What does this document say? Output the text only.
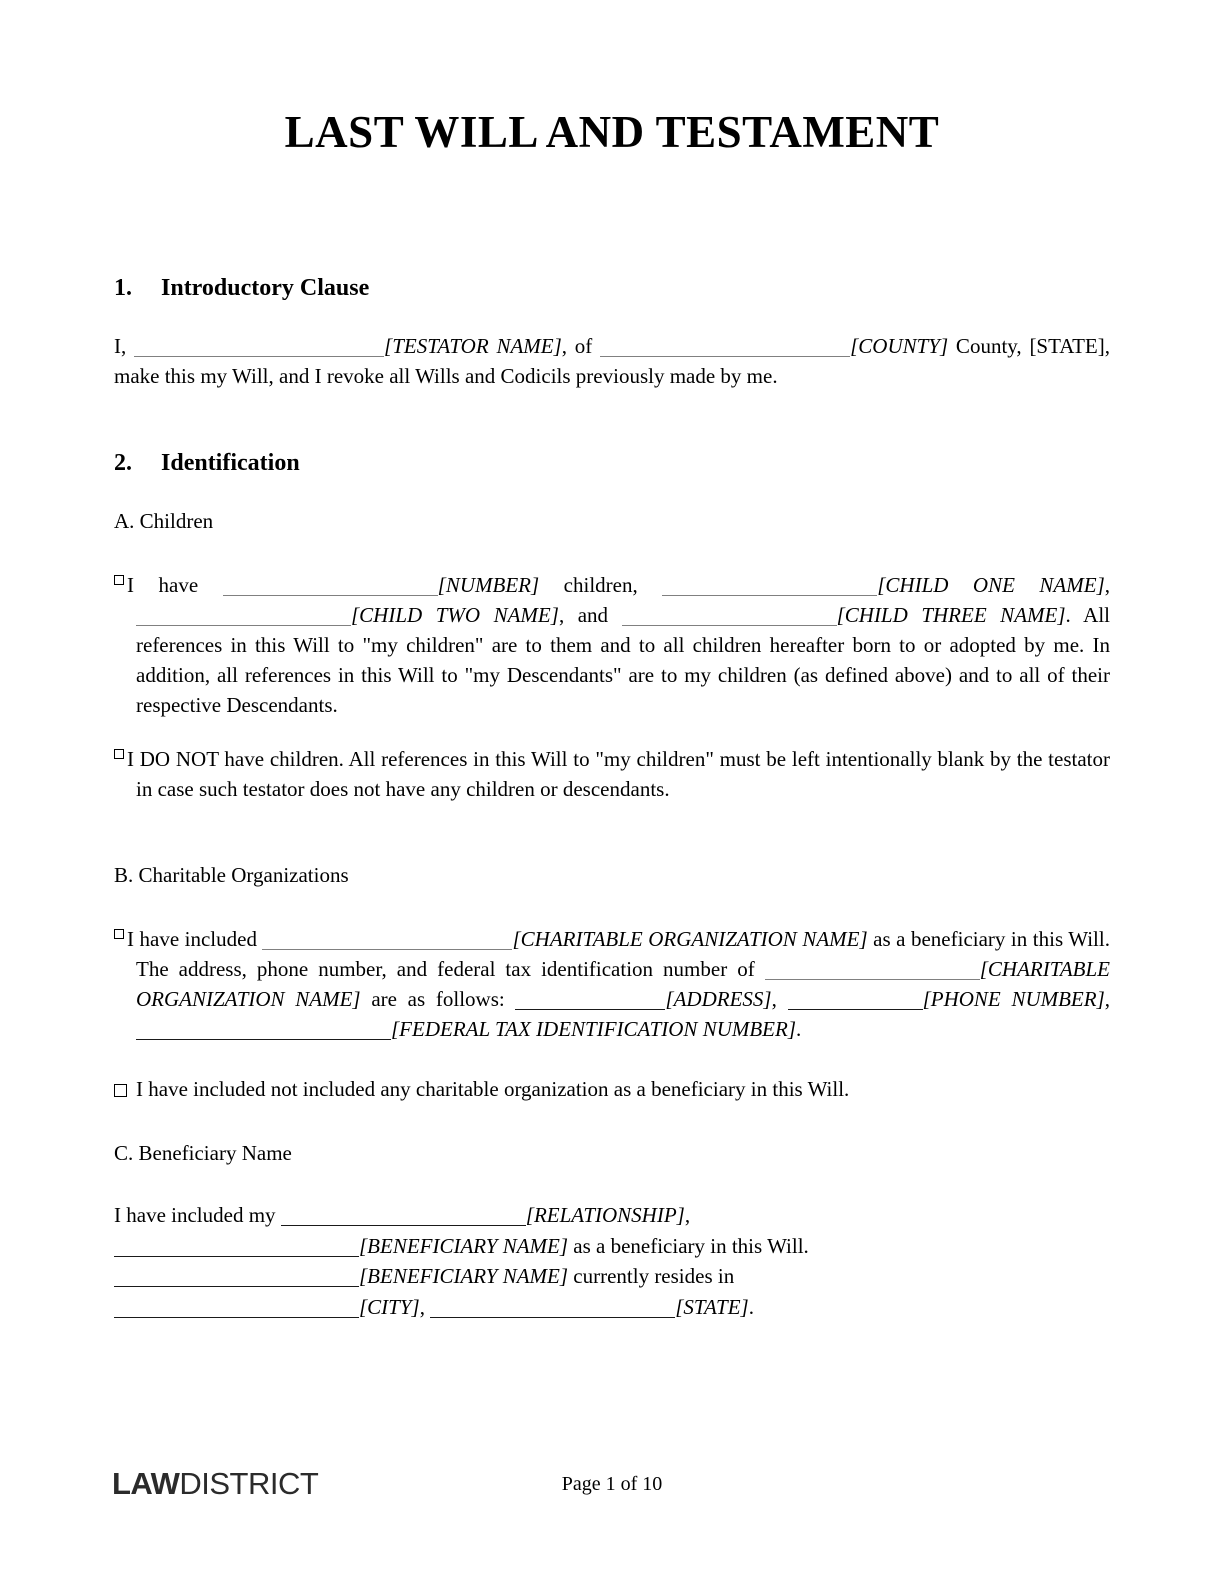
LAST WILL AND TESTAMENT
1. Introductory Clause

I,	[TESTATOR NAME], of	[COUNTY] County, [STATE], make this my Will, and I revoke all Wills and Codicils previously made by me.

2. Identification

A. Children

I have	[NUMBER] children,	[CHILD ONE NAME], [CHILD TWO NAME], and	[CHILD THREE NAME]. All references in this Will to "my children" are to them and to all children hereafter born to or adopted by me. In addition, all references in this Will to "my Descendants" are to my children (as defined above) and to all of their respective Descendants.

I DO NOT have children. All references in this Will to "my children" must be left intentionally blank by the testator in case such testator does not have any children or descendants.

B. Charitable Organizations

I have included	[CHARITABLE ORGANIZATION NAME] as a beneficiary in this Will. The address, phone number, and federal tax identification number of	[CHARITABLE ORGANIZATION NAME] are as follows:	[ADDRESS],	[PHONE NUMBER], [FEDERAL TAX IDENTIFICATION NUMBER].

I have included not included any charitable organization as a beneficiary in this Will.

C. Beneficiary Name

I have included my	[RELATIONSHIP],
[BENEFICIARY NAME] as a beneficiary in this Will.
[BENEFICIARY NAME] currently resides in
[CITY],	[STATE].

Page 1 of 10
LAWDISTRICT
